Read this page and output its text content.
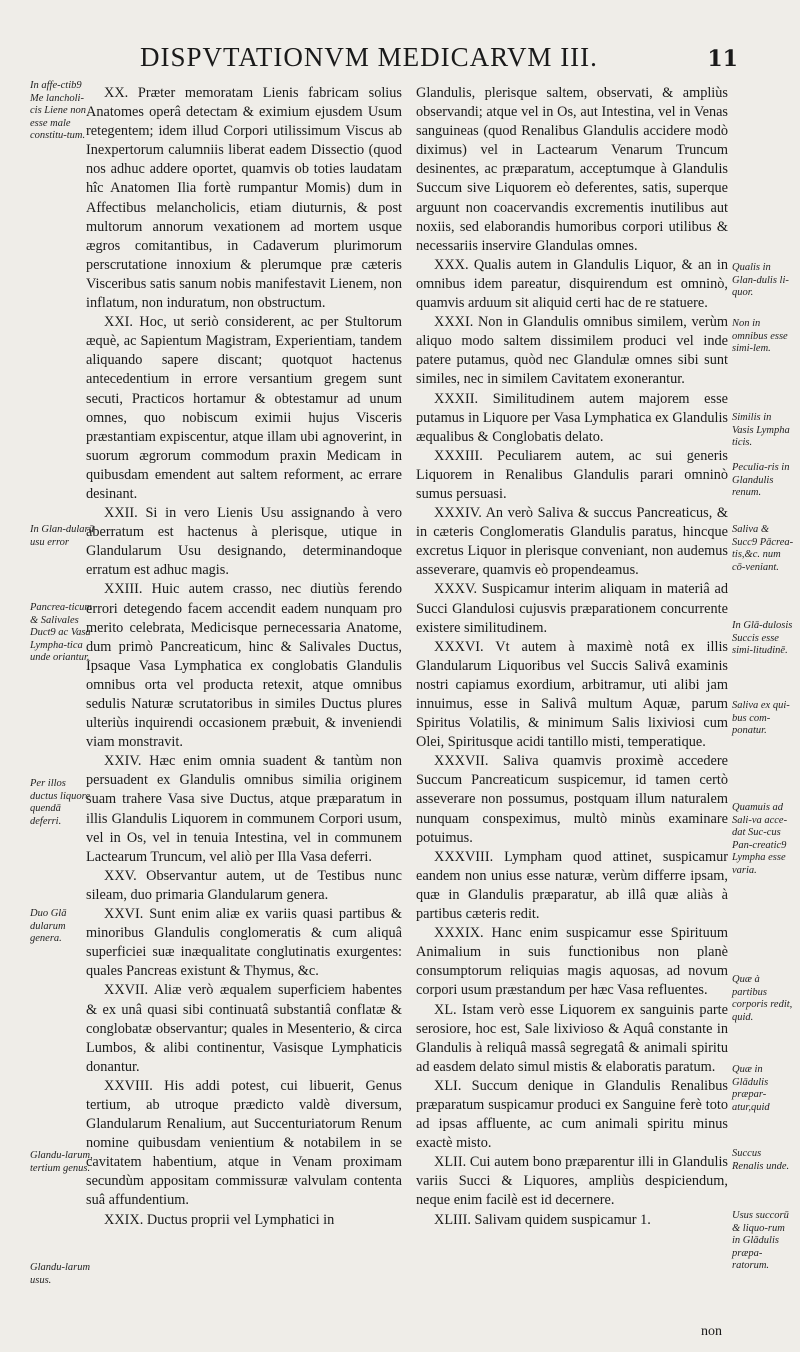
DISPVTATIONVM MEDICARVM III.	11
In affe-ctib9 Me lancholi-cis Liene non esse male constitu-tum.
In Glan-dularū usu error
Pancrea-ticum & Salivales Duct9 ac Vasa Lympha-tica unde oriantur.
Per illos ductus liquore quendā deferri.
Duo Glā dularum genera.
Glandu-larum, tertium genus.
Glandu-larum usus.
Qualis in Glan-dulis li-quor.
Non in omnibus esse simi-lem.
Similis in Vasis Lympha ticis.
Peculia-ris in Glandulis renum.
Saliva & Succ9 Pācrea-tis,&c. num cō-veniant.
In Glā-dulosis Succis esse simi-litudinē.
Saliva ex qui-bus com-ponatur.
Quamuis ad Sali-va acce-dat Suc-cus Pan-creatic9 Lympha esse varia.
Quæ à partibus corporis redit, quid.
Quæ in Glādulis præpar-atur,quid
Succus Renalis unde.
Usus succorū & liquo-rum in Glādulis præpa-ratorum.

XX. Præter memoratam Lienis fabricam solius Anatomes operâ detectam & eximium ejusdem Usum retegentem; idem illud Corpori utilissimum Viscus ab Inexpertorum calumniis liberat eadem Dissectio (quod nos adhuc addere oportet, quamvis ob toties laudatam hîc Anatomen Ilia fortè rumpantur Momis) dum in Affectibus melancholicis, etiam diuturnis, & post multorum annorum vexationem ad mortem usque ægros comitantibus, in Cadaverum plurimorum perscrutatione innoxium & plerumque præ cæteris Visceribus satis sanum nobis manifestavit Lienem, non inflatum, non induratum, non obstructum.

XXI. Hoc, ut seriò considerent, ac per Stultorum æquè, ac Sapientum Magistram, Experientiam, tandem aliquando sapere discant; quotquot hactenus antecedentium in errore versantium gregem sunt secuti, Practicos hortamur & obtestamur ad unum omnes, quo nobiscum eximii hujus Visceris præstantiam expiscentur, atque illam ubi agnoverint, in suorum ægrorum commodum praxin Medicam in quibusdam emendent aut saltem reforment, ac errare desinant.

XXII. Si in vero Lienis Usu assignando à vero aberratum est hactenus à plerisque, utique in Glandularum Usu designando, determinandoque erratum est adhuc magis.

XXIII. Huic autem crasso, nec diutiùs ferendo errori detegendo facem accendit eadem nunquam pro merito celebrata, Medicisque pernecessaria Anatome, dum primò Pancreaticum, hinc & Salivales Ductus, Ipsaque Vasa Lymphatica ex conglobatis Glandulis omnibus orta vel producta retexit, atque omnibus sedulis Naturæ scrutatoribus in similes Ductus plures ulteriùs inquirendi occasionem præbuit, & inveniendi viam monstravit.

XXIV. Hæc enim omnia suadent & tantùm non persuadent ex Glandulis omnibus similia originem suam trahere Vasa sive Ductus, atque præparatum in illis Glandulis Liquorem in communem Corpori usum, vel in Os, vel in tenuia Intestina, vel in communem Lactearum Truncum, vel aliò per Illa Vasa deferri.

XXV. Observantur autem, ut de Testibus nunc sileam, duo primaria Glandularum genera.

XXVI. Sunt enim aliæ ex variis quasi partibus & minoribus Glandulis conglomeratis & cum aliquâ superficiei suæ inæqualitate conglutinatis exurgentes: quales Pancreas existunt & Thymus, &c.

XXVII. Aliæ verò æqualem superficiem habentes & ex unâ quasi sibi continuatâ substantiâ conflatæ & conglobatæ observantur; quales in Mesenterio, & circa Lumbos, & alibi continentur, Vasisque Lymphaticis donantur.

XXVIII. His addi potest, cui libuerit, Genus tertium, ab utroque prædicto valdè diversum, Glandularum Renalium, aut Succenturiatorum Renum nomine quibusdam venientium & notabilem in se cavitatem habentium, atque in Venam proximam secundùm appositam commissuræ valvulam contenta suâ affundentium.

XXIX. Ductus proprii vel Lymphatici in

Glandulis, plerisque saltem, observati, & ampliùs observandi; atque vel in Os, aut Intestina, vel in Venas sanguineas (quod Renalibus Glandulis accidere modò diximus) vel in Lactearum Venarum Truncum desinentes, ac præparatum, acceptumque à Glandulis Succum sive Liquorem eò deferentes, satis, superque arguunt non coacervandis excrementis inutilibus aut noxiis, sed elaborandis humoribus corpori utilibus & necessariis inservire Glandulas omnes.

XXX. Qualis autem in Glandulis Liquor, & an in omnibus idem pareatur, disquirendum est omninò, quamvis arduum sit aliquid certi hac de re statuere.

XXXI. Non in Glandulis omnibus similem, verùm aliquo modo saltem dissimilem produci vel inde patere putamus, quòd nec Glandulæ omnes sibi sunt similes, nec in similem Cavitatem exonerantur.

XXXII. Similitudinem autem majorem esse putamus in Liquore per Vasa Lymphatica ex Glandulis æqualibus & Conglobatis delato.

XXXIII. Peculiarem autem, ac sui generis Liquorem in Renalibus Glandulis parari omninò sumus persuasi.

XXXIV. An verò Saliva & succus Pancreaticus, & in cæteris Conglomeratis Glandulis paratus, hincque excretus Liquor in plerisque conveniant, non audemus asseverare, quamvis eò propendeamus.

XXXV. Suspicamur interim aliquam in materiâ ad Succi Glandulosi cujusvis præparationem concurrente existere similitudinem.

XXXVI. Vt autem à maximè notâ ex illis Glandularum Liquoribus vel Succis Salivâ examinis nostri capiamus exordium, arbitramur, uti alibi jam innuimus, esse in Salivâ multum Aquæ, parum Spiritus Volatilis, & minimum Salis lixiviosi cum Olei, Spiritusque acidi tantillo misti, temperatique.

XXXVII. Saliva quamvis proximè accedere Succum Pancreaticum suspicemur, id tamen certò asseverare non possumus, postquam illum naturalem nunquam conspeximus, multò minùs examinare potuimus.

XXXVIII. Lympham quod attinet, suspicamur eandem non unius esse naturæ, verùm differre ipsam, quæ in Glandulis præparatur, ab illâ quæ aliàs à partibus cæteris redit.

XXXIX. Hanc enim suspicamur esse Spirituum Animalium in suis functionibus non planè consumptorum reliquias magis aquosas, ad novum corpori usum præstandum per hæc Vasa refluentes.

XL. Istam verò esse Liquorem ex sanguinis parte serosiore, hoc est, Sale lixivioso & Aquâ constante in Glandulis à reliquâ massâ segregatâ & animali spiritu ad easdem delato simul mistis & elaboratis paratum.

XLI. Succum denique in Glandulis Renalibus præparatum suspicamur produci ex Sanguine ferè toto ad ipsas affluente, ac cum animali spiritu minus exactè misto.

XLII. Cui autem bono præparentur illi in Glandulis variis Succi & Liquores, ampliùs despiciendum, neque enim facilè est id decernere.

XLIII. Salivam quidem suspicamur 1.

non
